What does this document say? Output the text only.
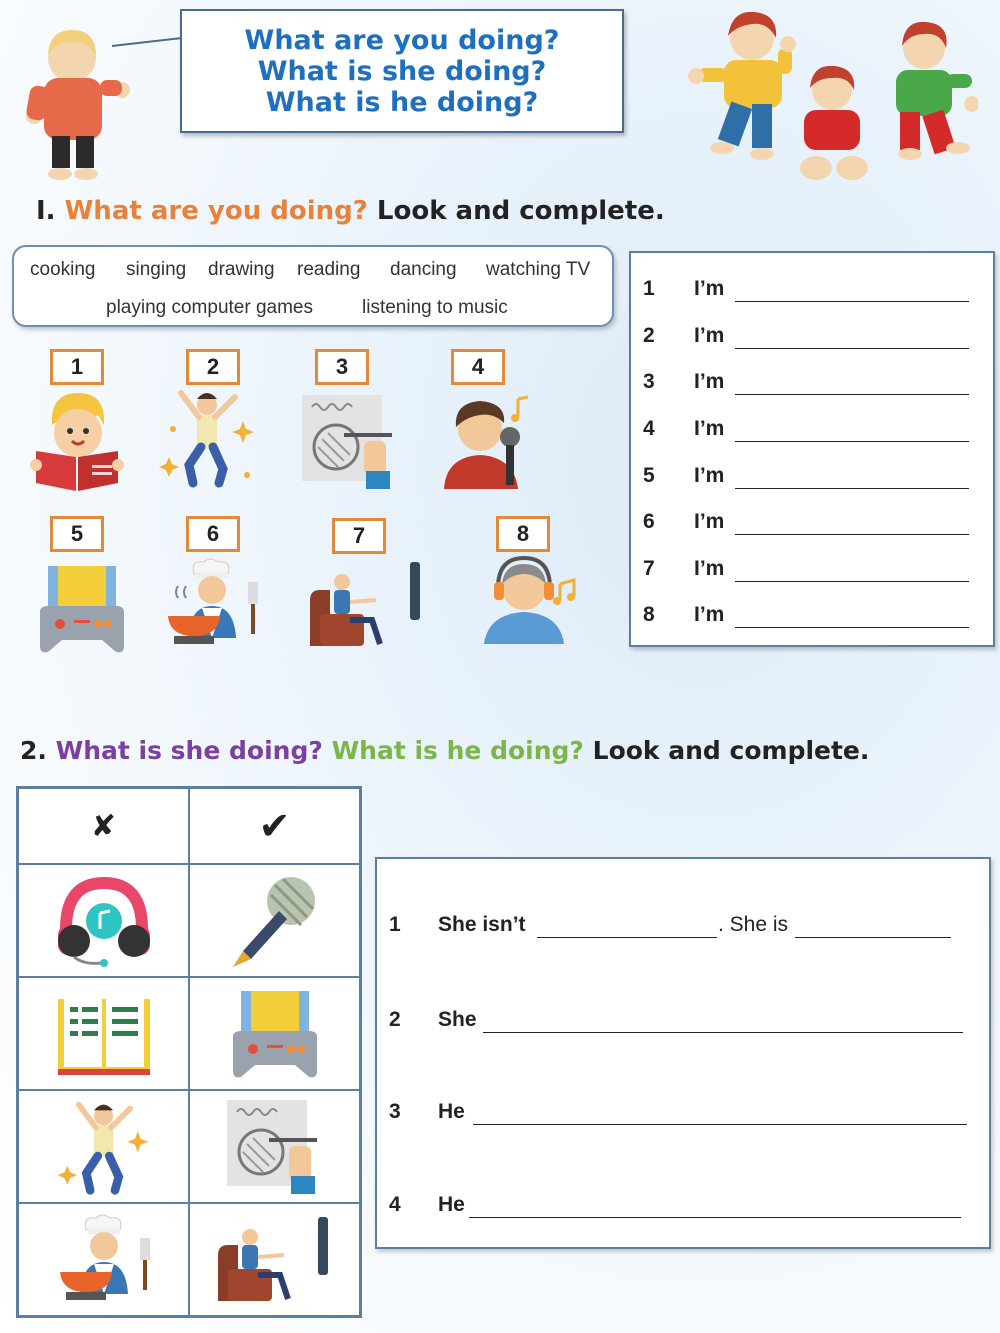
What are you doing?
What is she doing?
What is he doing?
I. What are you doing? Look and complete.
cooking singing drawing reading dancing watching TV
playing computer games	listening to music
1	2	3	4
5	6	7	8
1 I’m
2 I’m
3 I’m
4 I’m
5 I’m
6 I’m
7 I’m
8 I’m
2. What is she doing? What is he doing? Look and complete.
✘	✔
1 She isn’t	. She is
2 She
3 He
4 He
